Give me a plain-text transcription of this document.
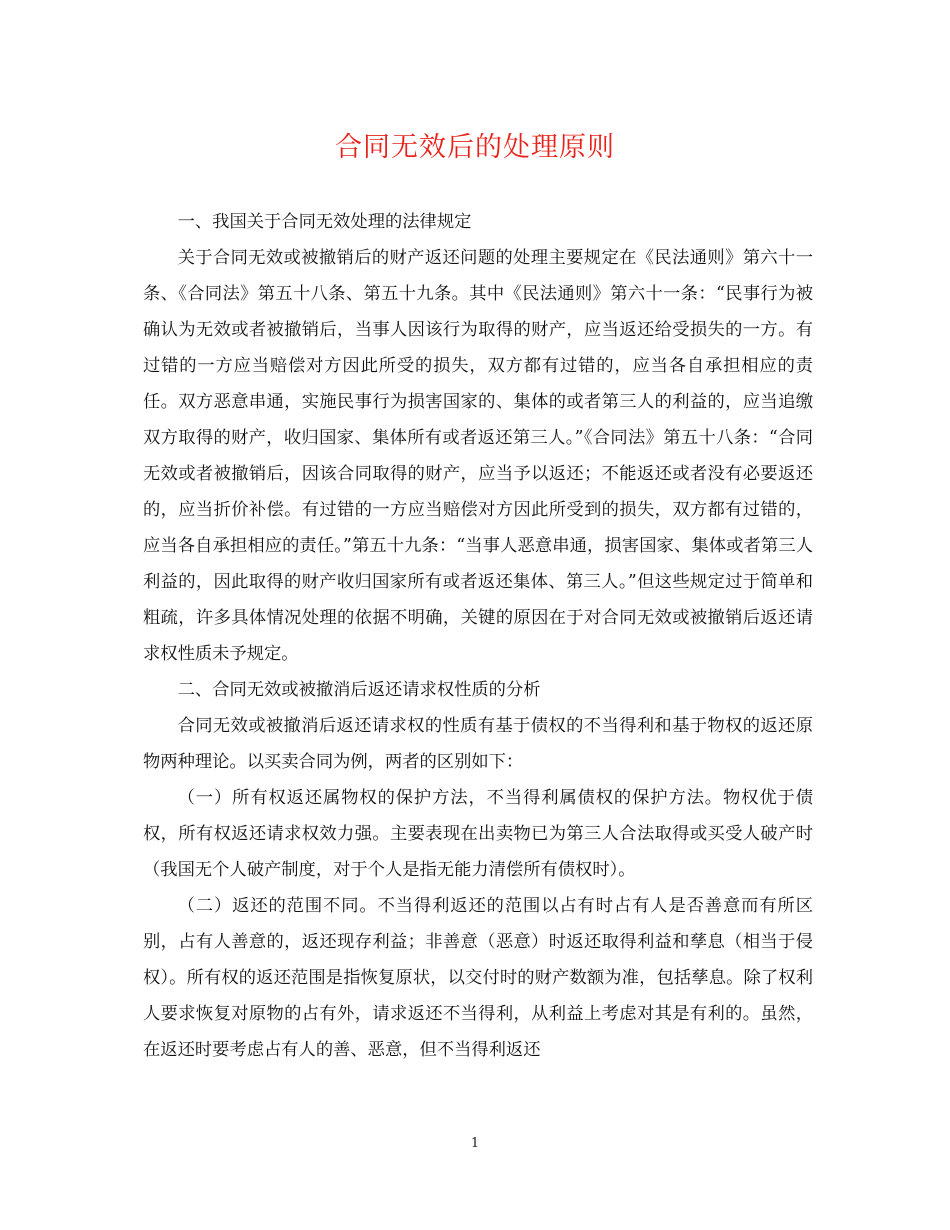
合同无效后的处理原则

一、我国关于合同无效处理的法律规定

关于合同无效或被撤销后的财产返还问题的处理主要规定在《民法通则》第六十一条、《合同法》第五十八条、第五十九条。其中《民法通则》第六十一条：“民事行为被确认为无效或者被撤销后，当事人因该行为取得的财产，应当返还给受损失的一方。有过错的一方应当赔偿对方因此所受的损失，双方都有过错的，应当各自承担相应的责任。双方恶意串通，实施民事行为损害国家的、集体的或者第三人的利益的，应当追缴双方取得的财产，收归国家、集体所有或者返还第三人。”《合同法》第五十八条：“合同无效或者被撤销后，因该合同取得的财产，应当予以返还；不能返还或者没有必要返还的，应当折价补偿。有过错的一方应当赔偿对方因此所受到的损失，双方都有过错的，应当各自承担相应的责任。”第五十九条：“当事人恶意串通，损害国家、集体或者第三人利益的，因此取得的财产收归国家所有或者返还集体、第三人。”但这些规定过于简单和粗疏，许多具体情况处理的依据不明确，关键的原因在于对合同无效或被撤销后返还请求权性质未予规定。

二、合同无效或被撤消后返还请求权性质的分析

合同无效或被撤消后返还请求权的性质有基于债权的不当得利和基于物权的返还原物两种理论。以买卖合同为例，两者的区别如下：

（一）所有权返还属物权的保护方法，不当得利属债权的保护方法。物权优于债权，所有权返还请求权效力强。主要表现在出卖物已为第三人合法取得或买受人破产时（我国无个人破产制度，对于个人是指无能力清偿所有债权时）。

（二）返还的范围不同。不当得利返还的范围以占有时占有人是否善意而有所区别，占有人善意的，返还现存利益；非善意（恶意）时返还取得利益和孳息（相当于侵权）。所有权的返还范围是指恢复原状，以交付时的财产数额为准，包括孳息。除了权利人要求恢复对原物的占有外，请求返还不当得利，从利益上考虑对其是有利的。虽然，在返还时要考虑占有人的善、恶意，但不当得利返还

1
